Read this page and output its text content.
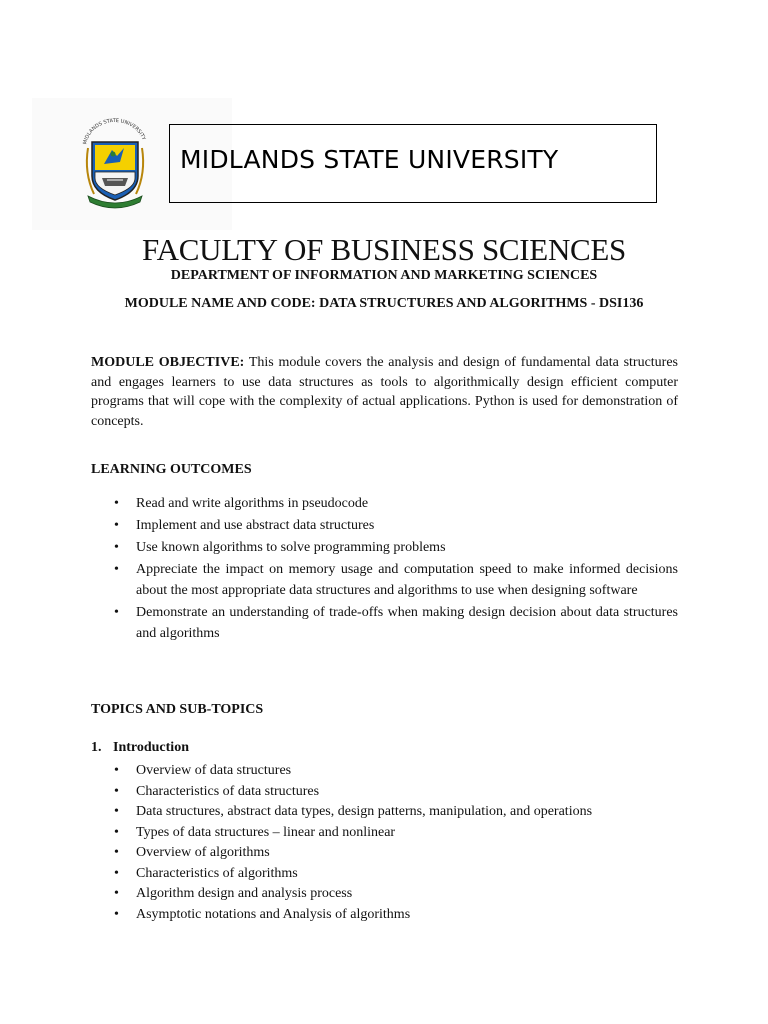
MIDLANDS STATE UNIVERSITY
MIDLANDS STATE UNIVERSITY
FACULTY OF BUSINESS SCIENCES
DEPARTMENT OF INFORMATION AND MARKETING SCIENCES
MODULE NAME AND CODE: DATA STRUCTURES AND ALGORITHMS - DSI136
MODULE OBJECTIVE: This module covers the analysis and design of fundamental data structures and engages learners to use data structures as tools to algorithmically design efficient computer programs that will cope with the complexity of actual applications. Python is used for demonstration of concepts.
LEARNING OUTCOMES
• Read and write algorithms in pseudocode
• Implement and use abstract data structures
• Use known algorithms to solve programming problems
• Appreciate the impact on memory usage and computation speed to make informed decisions about the most appropriate data structures and algorithms to use when designing software
• Demonstrate an understanding of trade-offs when making design decision about data structures and algorithms
TOPICS AND SUB-TOPICS
1. Introduction
• Overview of data structures
• Characteristics of data structures
• Data structures, abstract data types, design patterns, manipulation, and operations
• Types of data structures – linear and nonlinear
• Overview of algorithms
• Characteristics of algorithms
• Algorithm design and analysis process
• Asymptotic notations and Analysis of algorithms
